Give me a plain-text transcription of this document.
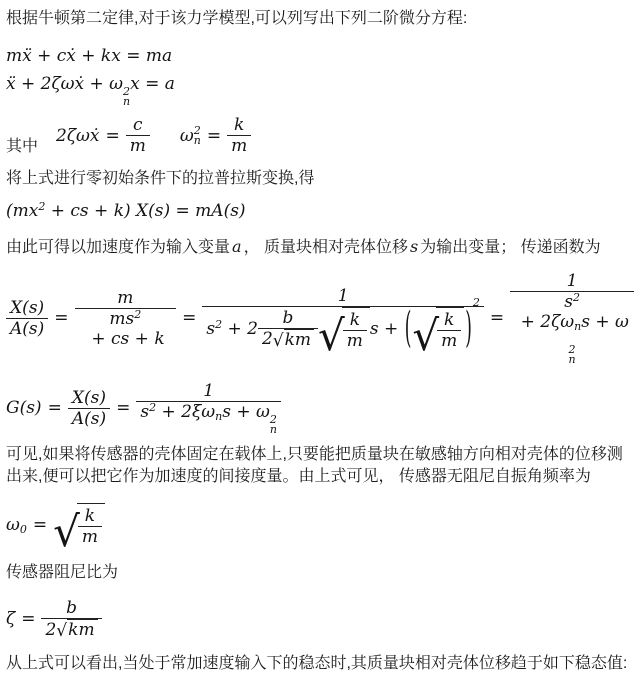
根据牛顿第二定律,对于该力学模型,可以列写出下列二阶微分方程:

mẍ + cẋ + kx = ma
ẍ + 2ζωẋ + ω 2
n
x = a
其中
2ζωẋ = $\frac{c}{m}$ ω 2
$n = \frac{k}{m}$

将上式进行零初始条件下的拉普拉斯变换,得

($mx^2$ + cs + k) X(s) = mA(s)

由此可得以加速度作为输入变量 a ， 质量块相对壳体位移 s 为输出变量； 传递函数为

$\frac{X(s)}{A(s)} = \frac{m}{ms^2 + cs + k}$ =
1
$s^2 + 2 \frac{b}{2 √ km}$ √
$\frac{k}{m}$ s + ( √
$\frac{k}{m}$ )
2
= 1
$s^2 + 2\zeta\omega_ns + \omega$
2
n
$G(s) = \frac{X(s)}{A(s)} = 1$
$s^2 + 2\xi\omega_ns + \omega$ 2
n

可见,如果将传感器的壳体固定在载体上,只要能把质量块在敏感轴方向相对壳体的位移测出来,便可以把它作为加速度的间接度量。由上式可见， 传感器无阻尼自振角频率为

$\omega_0$ = √
$\frac{k}{m}$

传感器阻尼比为

$\zeta = \frac{b}{2 √ km}$

从上式可以看出,当处于常加速度输入下的稳态时,其质量块相对壳体位移趋于如下稳态值:
